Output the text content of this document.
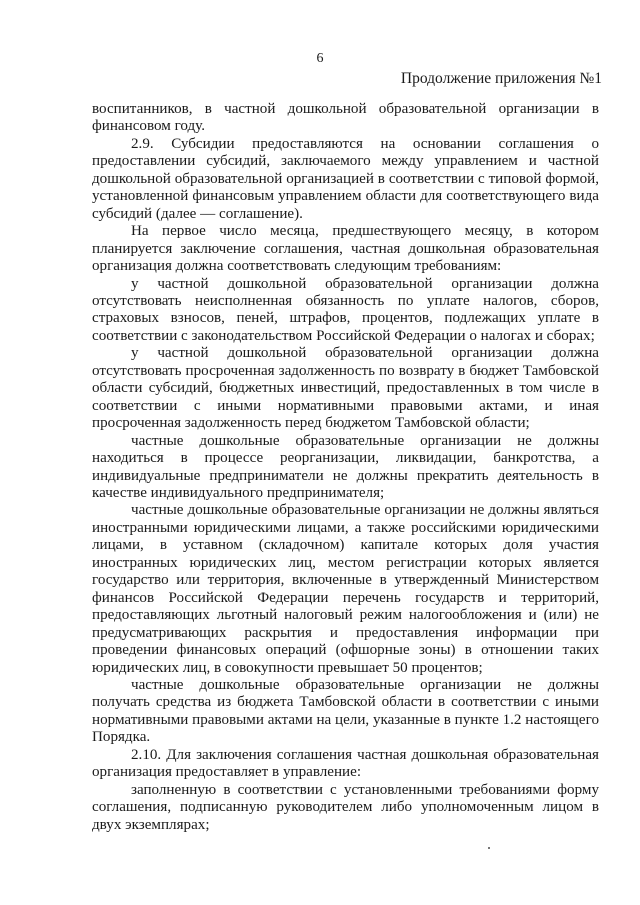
6
Продолжение приложения №1

воспитанников, в частной дошкольной образовательной организации в финансовом году.

2.9. Субсидии предоставляются на основании соглашения о предоставлении субсидий, заключаемого между управлением и частной дошкольной образовательной организацией в соответствии с типовой формой, установленной финансовым управлением области для соответствующего вида субсидий (далее — соглашение).

На первое число месяца, предшествующего месяцу, в котором планируется заключение соглашения, частная дошкольная образовательная организация должна соответствовать следующим требованиям:

у частной дошкольной образовательной организации должна отсутствовать неисполненная обязанность по уплате налогов, сборов, страховых взносов, пеней, штрафов, процентов, подлежащих уплате в соответствии с законодательством Российской Федерации о налогах и сборах;

у частной дошкольной образовательной организации должна отсутствовать просроченная задолженность по возврату в бюджет Тамбовской области субсидий, бюджетных инвестиций, предоставленных в том числе в соответствии с иными нормативными правовыми актами, и иная просроченная задолженность перед бюджетом Тамбовской области;

частные дошкольные образовательные организации не должны находиться в процессе реорганизации, ликвидации, банкротства, а индивидуальные предприниматели не должны прекратить деятельность в качестве индивидуального предпринимателя;

частные дошкольные образовательные организации не должны являться иностранными юридическими лицами, а также российскими юридическими лицами, в уставном (складочном) капитале которых доля участия иностранных юридических лиц, местом регистрации которых является государство или территория, включенные в утвержденный Министерством финансов Российской Федерации перечень государств и территорий, предоставляющих льготный налоговый режим налогообложения и (или) не предусматривающих раскрытия и предоставления информации при проведении финансовых операций (офшорные зоны) в отношении таких юридических лиц, в совокупности превышает 50 процентов;

частные дошкольные образовательные организации не должны получать средства из бюджета Тамбовской области в соответствии с иными нормативными правовыми актами на цели, указанные в пункте 1.2 настоящего Порядка.

2.10. Для заключения соглашения частная дошкольная образовательная организация предоставляет в управление:

заполненную в соответствии с установленными требованиями форму соглашения, подписанную руководителем либо уполномоченным лицом в двух экземплярах;
